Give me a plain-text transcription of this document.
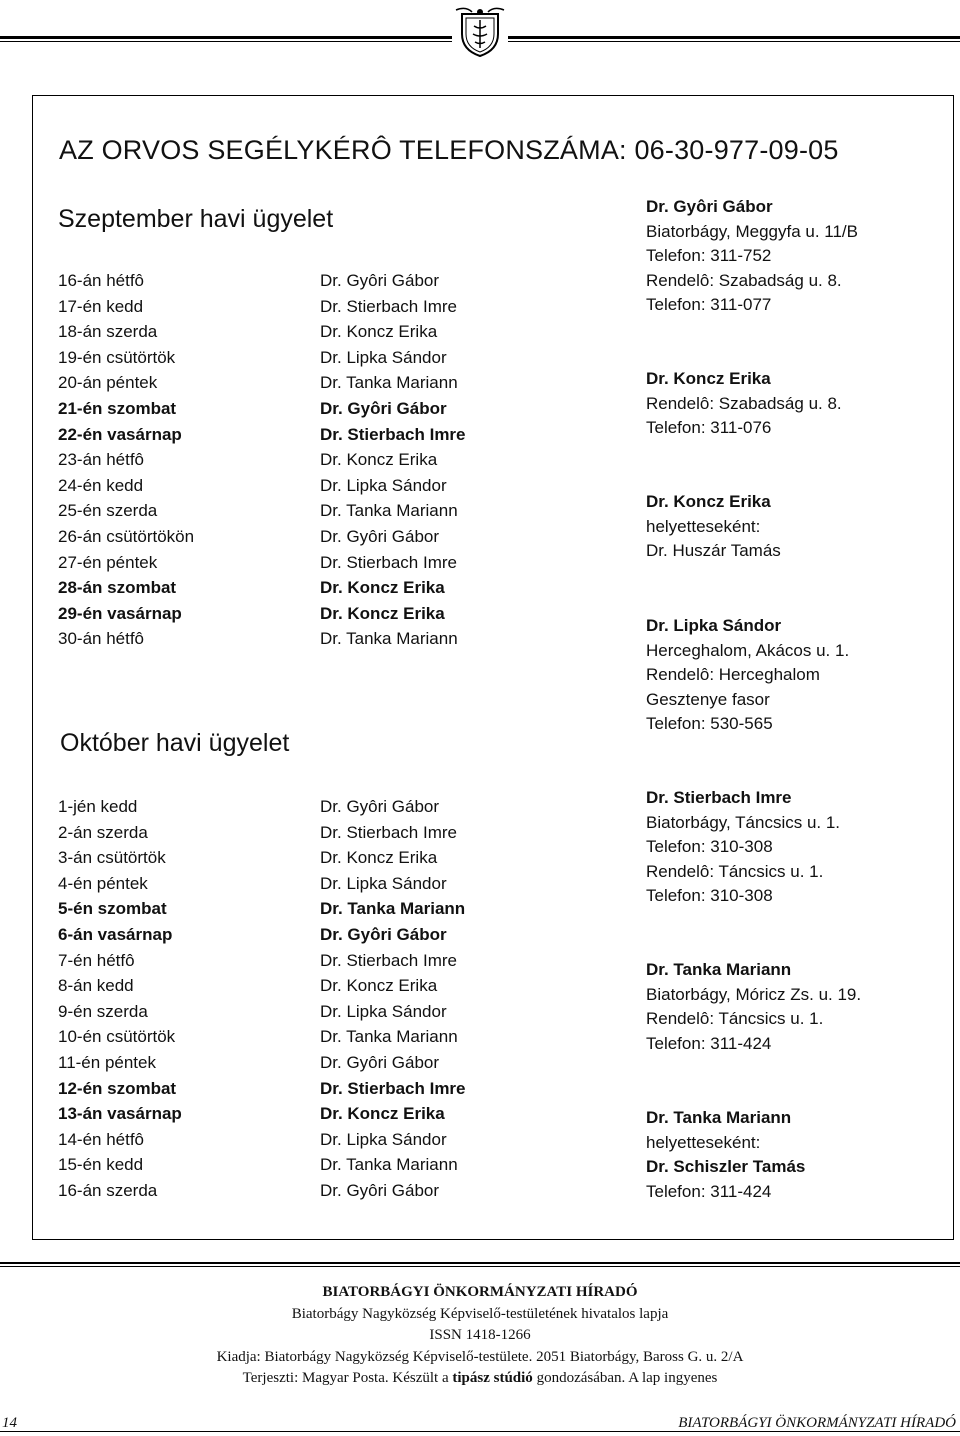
AZ ORVOS SEGÉLYKÉRÔ TELEFONSZÁMA: 06-30-977-09-05
Szeptember havi ügyelet
16-án hétfô	Dr. Gyôri Gábor
17-én kedd	Dr. Stierbach Imre
18-án szerda	Dr. Koncz Erika
19-én csütörtök	Dr. Lipka Sándor
20-án péntek	Dr. Tanka Mariann
21-én szombat	Dr. Gyôri Gábor
22-én vasárnap	Dr. Stierbach Imre
23-án hétfô	Dr. Koncz Erika
24-én kedd	Dr. Lipka Sándor
25-én szerda	Dr. Tanka Mariann
26-án csütörtökön	Dr. Gyôri Gábor
27-én péntek	Dr. Stierbach Imre
28-án szombat	Dr. Koncz Erika
29-én vasárnap	Dr. Koncz Erika
30-án hétfô	Dr. Tanka Mariann
Október havi ügyelet
1-jén kedd	Dr. Gyôri Gábor
2-án szerda	Dr. Stierbach Imre
3-án csütörtök	Dr. Koncz Erika
4-én péntek	Dr. Lipka Sándor
5-én szombat	Dr. Tanka Mariann
6-án vasárnap	Dr. Gyôri Gábor
7-én hétfô	Dr. Stierbach Imre
8-án kedd	Dr. Koncz Erika
9-én szerda	Dr. Lipka Sándor
10-én csütörtök	Dr. Tanka Mariann
11-én péntek	Dr. Gyôri Gábor
12-én szombat	Dr. Stierbach Imre
13-án vasárnap	Dr. Koncz Erika
14-én hétfô	Dr. Lipka Sándor
15-én kedd	Dr. Tanka Mariann
16-án szerda	Dr. Gyôri Gábor
Dr. Gyôri Gábor
Biatorbágy, Meggyfa u. 11/B
Telefon: 311-752
Rendelô: Szabadság u. 8.
Telefon: 311-077
Dr. Koncz Erika
Rendelô: Szabadság u. 8.
Telefon: 311-076
Dr. Koncz Erika
helyetteseként:
Dr. Huszár Tamás
Dr. Lipka Sándor
Herceghalom, Akácos u. 1.
Rendelô: Herceghalom
Gesztenye fasor
Telefon: 530-565
Dr. Stierbach Imre
Biatorbágy, Táncsics u. 1.
Telefon: 310-308
Rendelô: Táncsics u. 1.
Telefon: 310-308
Dr. Tanka Mariann
Biatorbágy, Móricz Zs. u. 19.
Rendelô: Táncsics u. 1.
Telefon: 311-424
Dr. Tanka Mariann
helyetteseként:
Dr. Schiszler Tamás
Telefon: 311-424
BIATORBÁGYI ÖNKORMÁNYZATI HÍRADÓ
Biatorbágy Nagyközség Képviselő-testületének hivatalos lapja
ISSN 1418-1266
Kiadja: Biatorbágy Nagyközség Képviselő-testülete. 2051 Biatorbágy, Baross G. u. 2/A
Terjeszti: Magyar Posta. Készült a tipász stúdió gondozásában. A lap ingyenes
14	BIATORBÁGYI ÖNKORMÁNYZATI HÍRADÓ
